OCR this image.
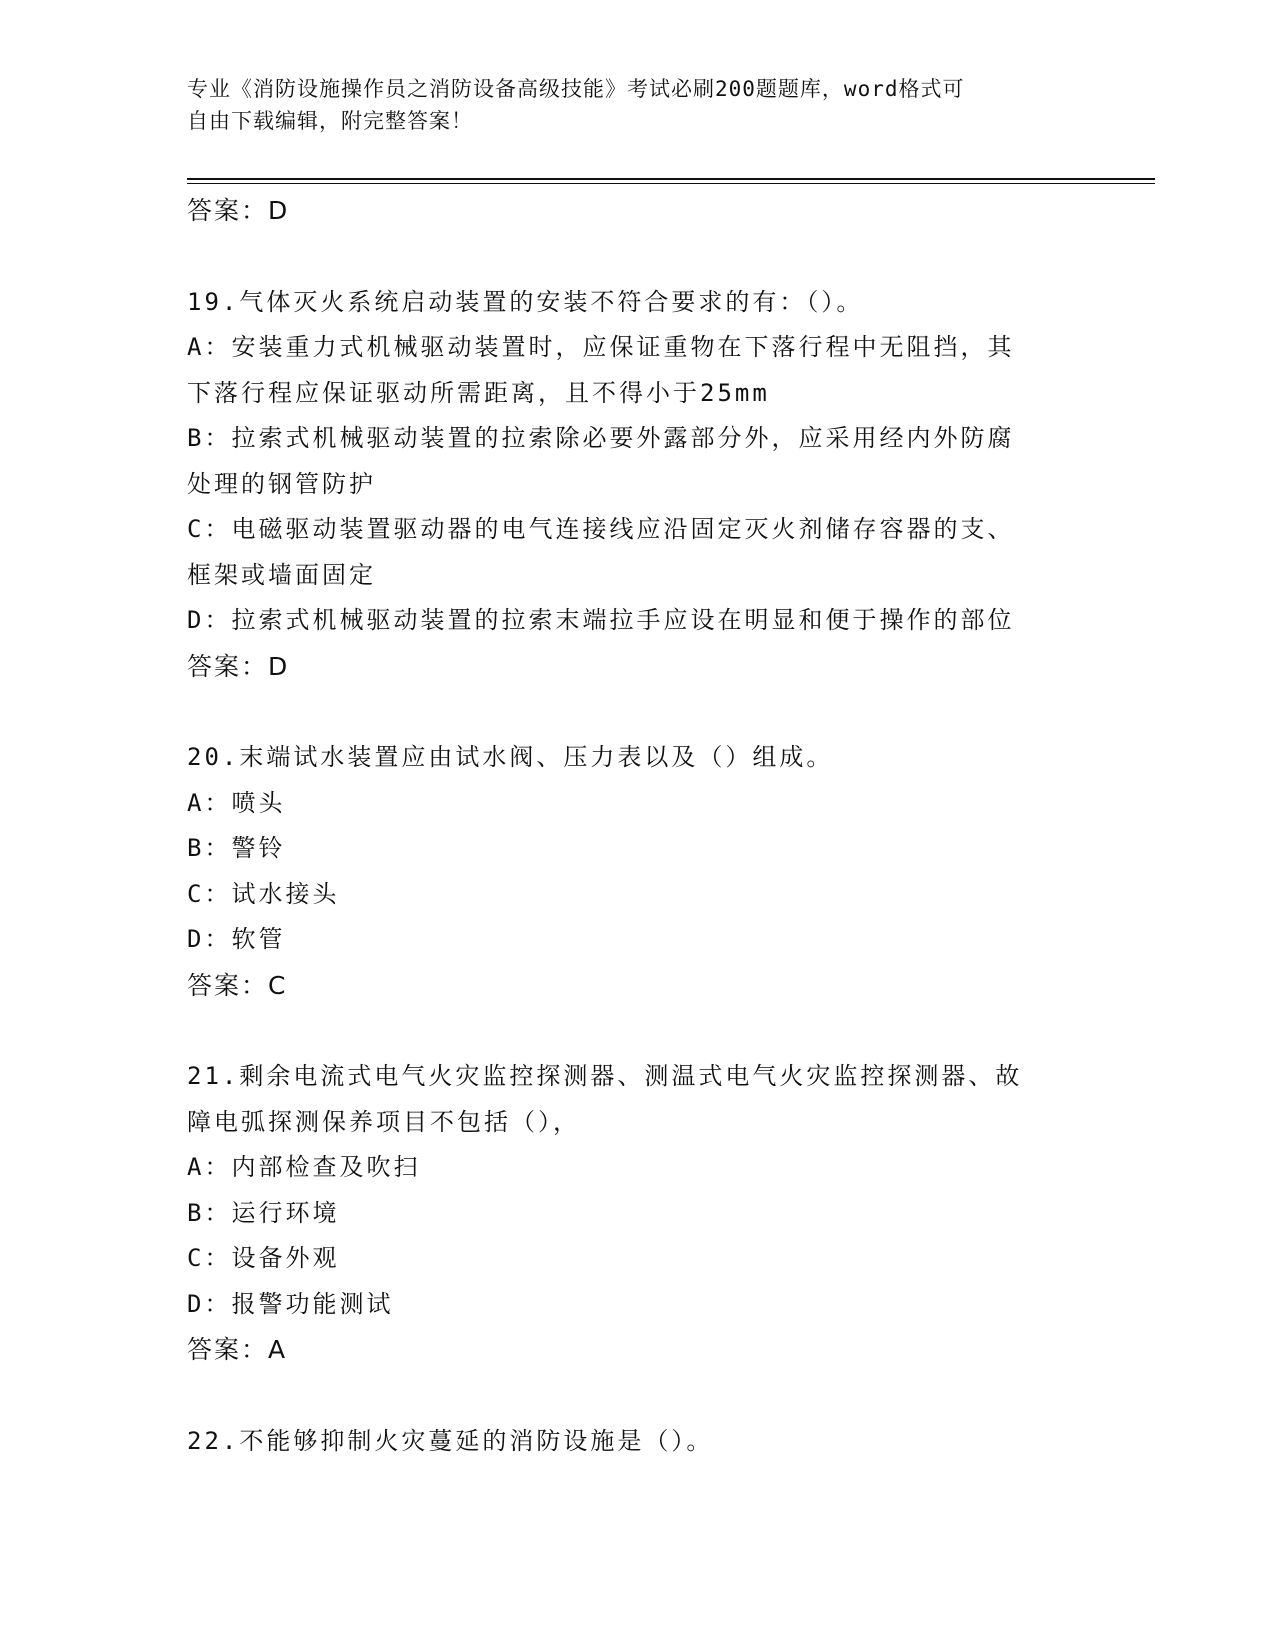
专业《消防设施操作员之消防设备高级技能》考试必刷200题题库，word格式可
自由下载编辑，附完整答案！
答案：D
19.气体灭火系统启动装置的安装不符合要求的有：（）。
A：安装重力式机械驱动装置时，应保证重物在下落行程中无阻挡，其
下落行程应保证驱动所需距离，且不得小于25mm
B：拉索式机械驱动装置的拉索除必要外露部分外，应采用经内外防腐
处理的钢管防护
C：电磁驱动装置驱动器的电气连接线应沿固定灭火剂储存容器的支、
框架或墙面固定
D：拉索式机械驱动装置的拉索末端拉手应设在明显和便于操作的部位
答案：D
20.末端试水装置应由试水阀、压力表以及（）组成。
A：喷头
B：警铃
C：试水接头
D：软管
答案：C
21.剩余电流式电气火灾监控探测器、测温式电气火灾监控探测器、故
障电弧探测保养项目不包括（），
A：内部检查及吹扫
B：运行环境
C：设备外观
D：报警功能测试
答案：A
22.不能够抑制火灾蔓延的消防设施是（）。
